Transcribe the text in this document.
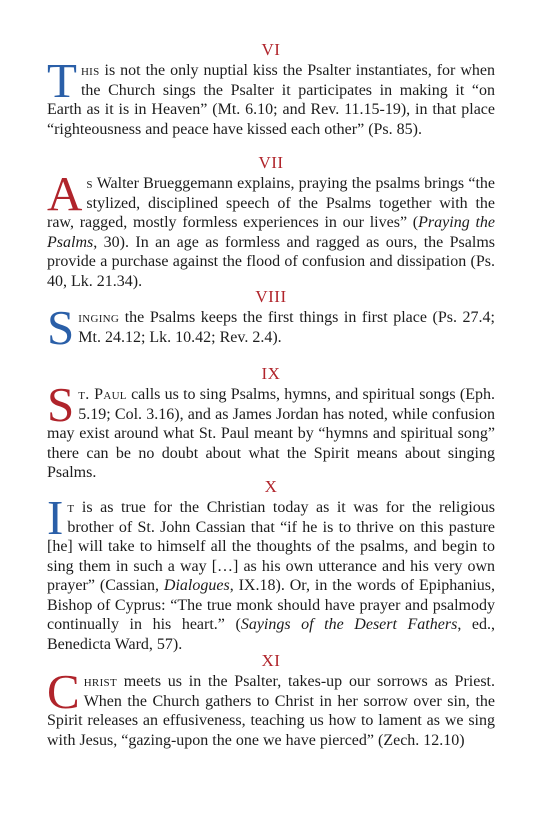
VI

This is not the only nuptial kiss the Psalter instantiates, for when the Church sings the Psalter it participates in making it “on Earth as it is in Heaven” (Mt. 6.10; and Rev. 11.15-19), in that place “righteousness and peace have kissed each other” (Ps. 85).

VII

As Walter Brueggemann explains, praying the psalms brings “the stylized, disciplined speech of the Psalms together with the raw, ragged, mostly formless experiences in our lives” (Praying the Psalms, 30). In an age as formless and ragged as ours, the Psalms provide a purchase against the flood of confusion and dissipation (Ps. 40, Lk. 21.34).

VIII

Singing the Psalms keeps the first things in first place (Ps. 27.4; Mt. 24.12; Lk. 10.42; Rev. 2.4).

IX

St. Paul calls us to sing Psalms, hymns, and spiritual songs (Eph. 5.19; Col. 3.16), and as James Jordan has noted, while confusion may exist around what St. Paul meant by “hymns and spiritual song” there can be no doubt about what the Spirit means about singing Psalms.

X

It is as true for the Christian today as it was for the religious brother of St. John Cassian that “if he is to thrive on this pasture [he] will take to himself all the thoughts of the psalms, and begin to sing them in such a way […] as his own utterance and his very own prayer” (Cassian, Dialogues, IX.18). Or, in the words of Epiphanius, Bishop of Cyprus: “The true monk should have prayer and psalmody continually in his heart.” (Sayings of the Desert Fathers, ed., Benedicta Ward, 57).

XI

Christ meets us in the Psalter, takes-up our sorrows as Priest. When the Church gathers to Christ in her sorrow over sin, the Spirit releases an effusiveness, teaching us how to lament as we sing with Jesus, “gazing-upon the one we have pierced” (Zech. 12.10)
